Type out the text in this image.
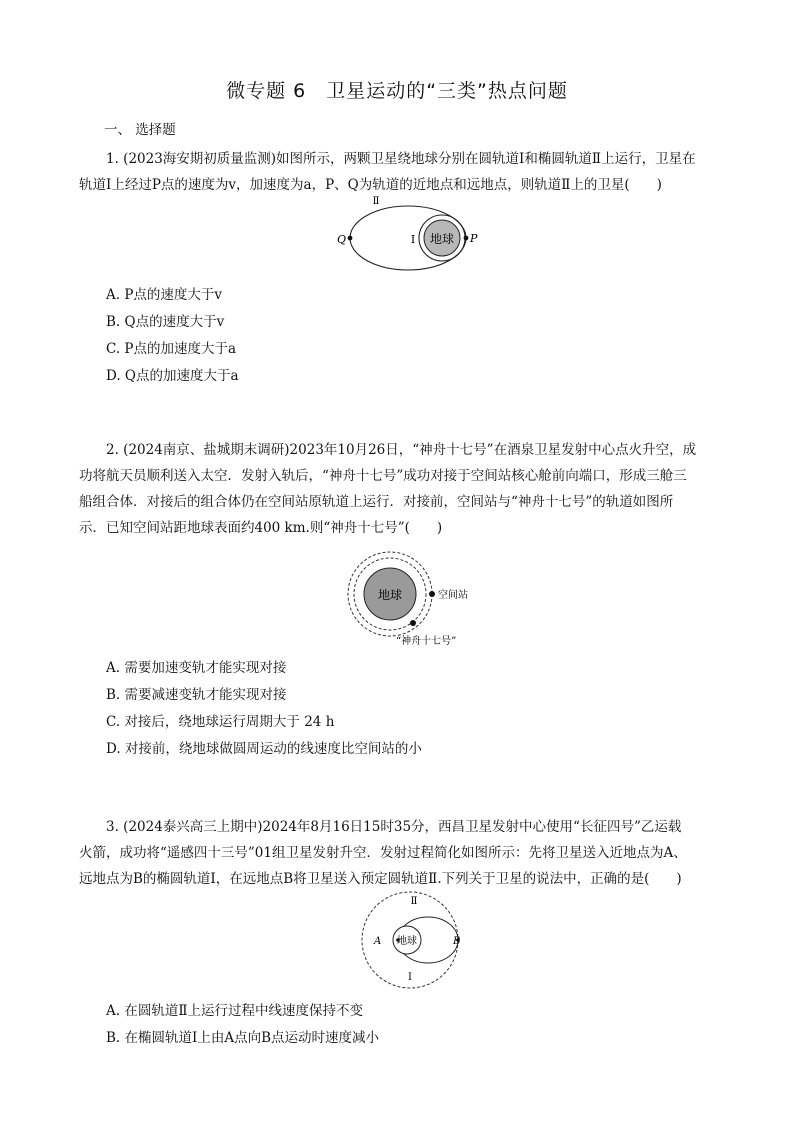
微专题 6　卫星运动的“三类”热点问题
一、 选择题
1. (2023海安期初质量监测)如图所示，两颗卫星绕地球分别在圆轨道Ⅰ和椭圆轨道Ⅱ上运行，卫星在
轨道Ⅰ上经过P点的速度为v，加速度为a，P、Q为轨道的近地点和远地点，则轨道Ⅱ上的卫星(　　)
地球
Ⅱ
Ⅰ	P
Q
A. P点的速度大于v
B. Q点的速度大于v
C. P点的加速度大于a
D. Q点的加速度大于a
2. (2024南京、盐城期末调研)2023年10月26日，“神舟十七号”在酒泉卫星发射中心点火升空，成
功将航天员顺利送入太空．发射入轨后，“神舟十七号”成功对接于空间站核心舱前向端口，形成三舱三
船组合体．对接后的组合体仍在空间站原轨道上运行．对接前，空间站与“神舟十七号”的轨道如图所
示．已知空间站距地球表面约400 km.则“神舟十七号”(　　)
地球	空间站
“神舟十七号”
A. 需要加速变轨才能实现对接
B. 需要减速变轨才能实现对接
C. 对接后，绕地球运行周期大于 24 h
D. 对接前，绕地球做圆周运动的线速度比空间站的小
3. (2024泰兴高三上期中)2024年8月16日15时35分，西昌卫星发射中心使用“长征四号”乙运载
火箭，成功将“遥感四十三号”01组卫星发射升空．发射过程简化如图所示：先将卫星送入近地点为A、
远地点为B的椭圆轨道Ⅰ，在远地点B将卫星送入预定圆轨道Ⅱ.下列关于卫星的说法中，正确的是(　　)
地球
Ⅱ
Ⅰ
A	B
A. 在圆轨道Ⅱ上运行过程中线速度保持不变
B. 在椭圆轨道Ⅰ上由A点向B点运动时速度减小
